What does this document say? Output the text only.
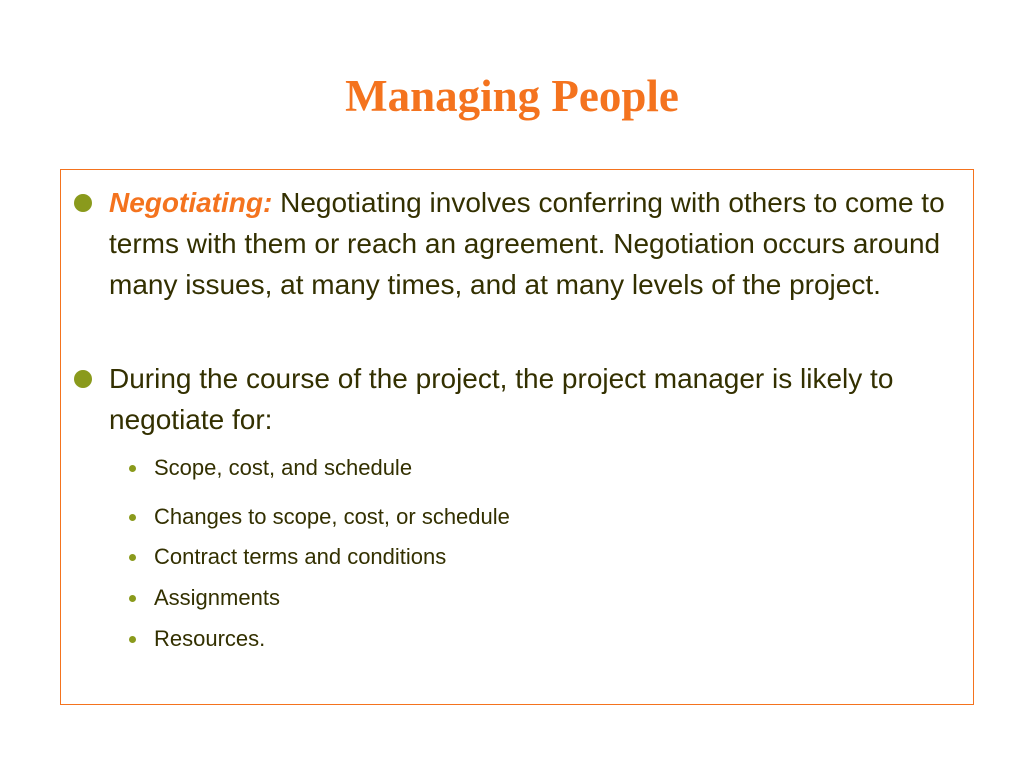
Managing People
Negotiating: Negotiating involves conferring with others to come to terms with them or reach an agreement. Negotiation occurs around many issues, at many times, and at many levels of the project.
During the course of the project, the project manager is likely to negotiate for:
Scope, cost, and schedule
Changes to scope, cost, or schedule
Contract terms and conditions
Assignments
Resources.
